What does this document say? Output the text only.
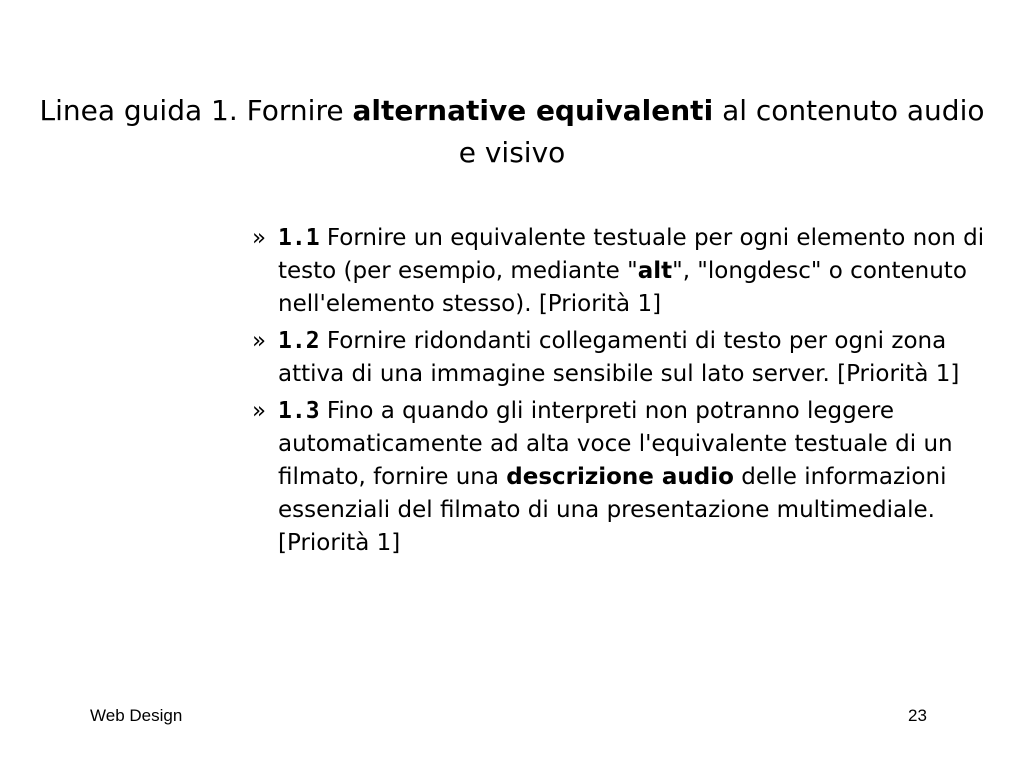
Linea guida 1. Fornire alternative equivalenti al contenuto audio e visivo
» 1.1 Fornire un equivalente testuale per ogni elemento non di testo (per esempio, mediante "alt", "longdesc" o contenuto nell'elemento stesso). [Priorità 1]
» 1.2 Fornire ridondanti collegamenti di testo per ogni zona attiva di una immagine sensibile sul lato server. [Priorità 1]
» 1.3 Fino a quando gli interpreti non potranno leggere automaticamente ad alta voce l'equivalente testuale di un filmato, fornire una descrizione audio delle informazioni essenziali del filmato di una presentazione multimediale. [Priorità 1]
Web Design	23
